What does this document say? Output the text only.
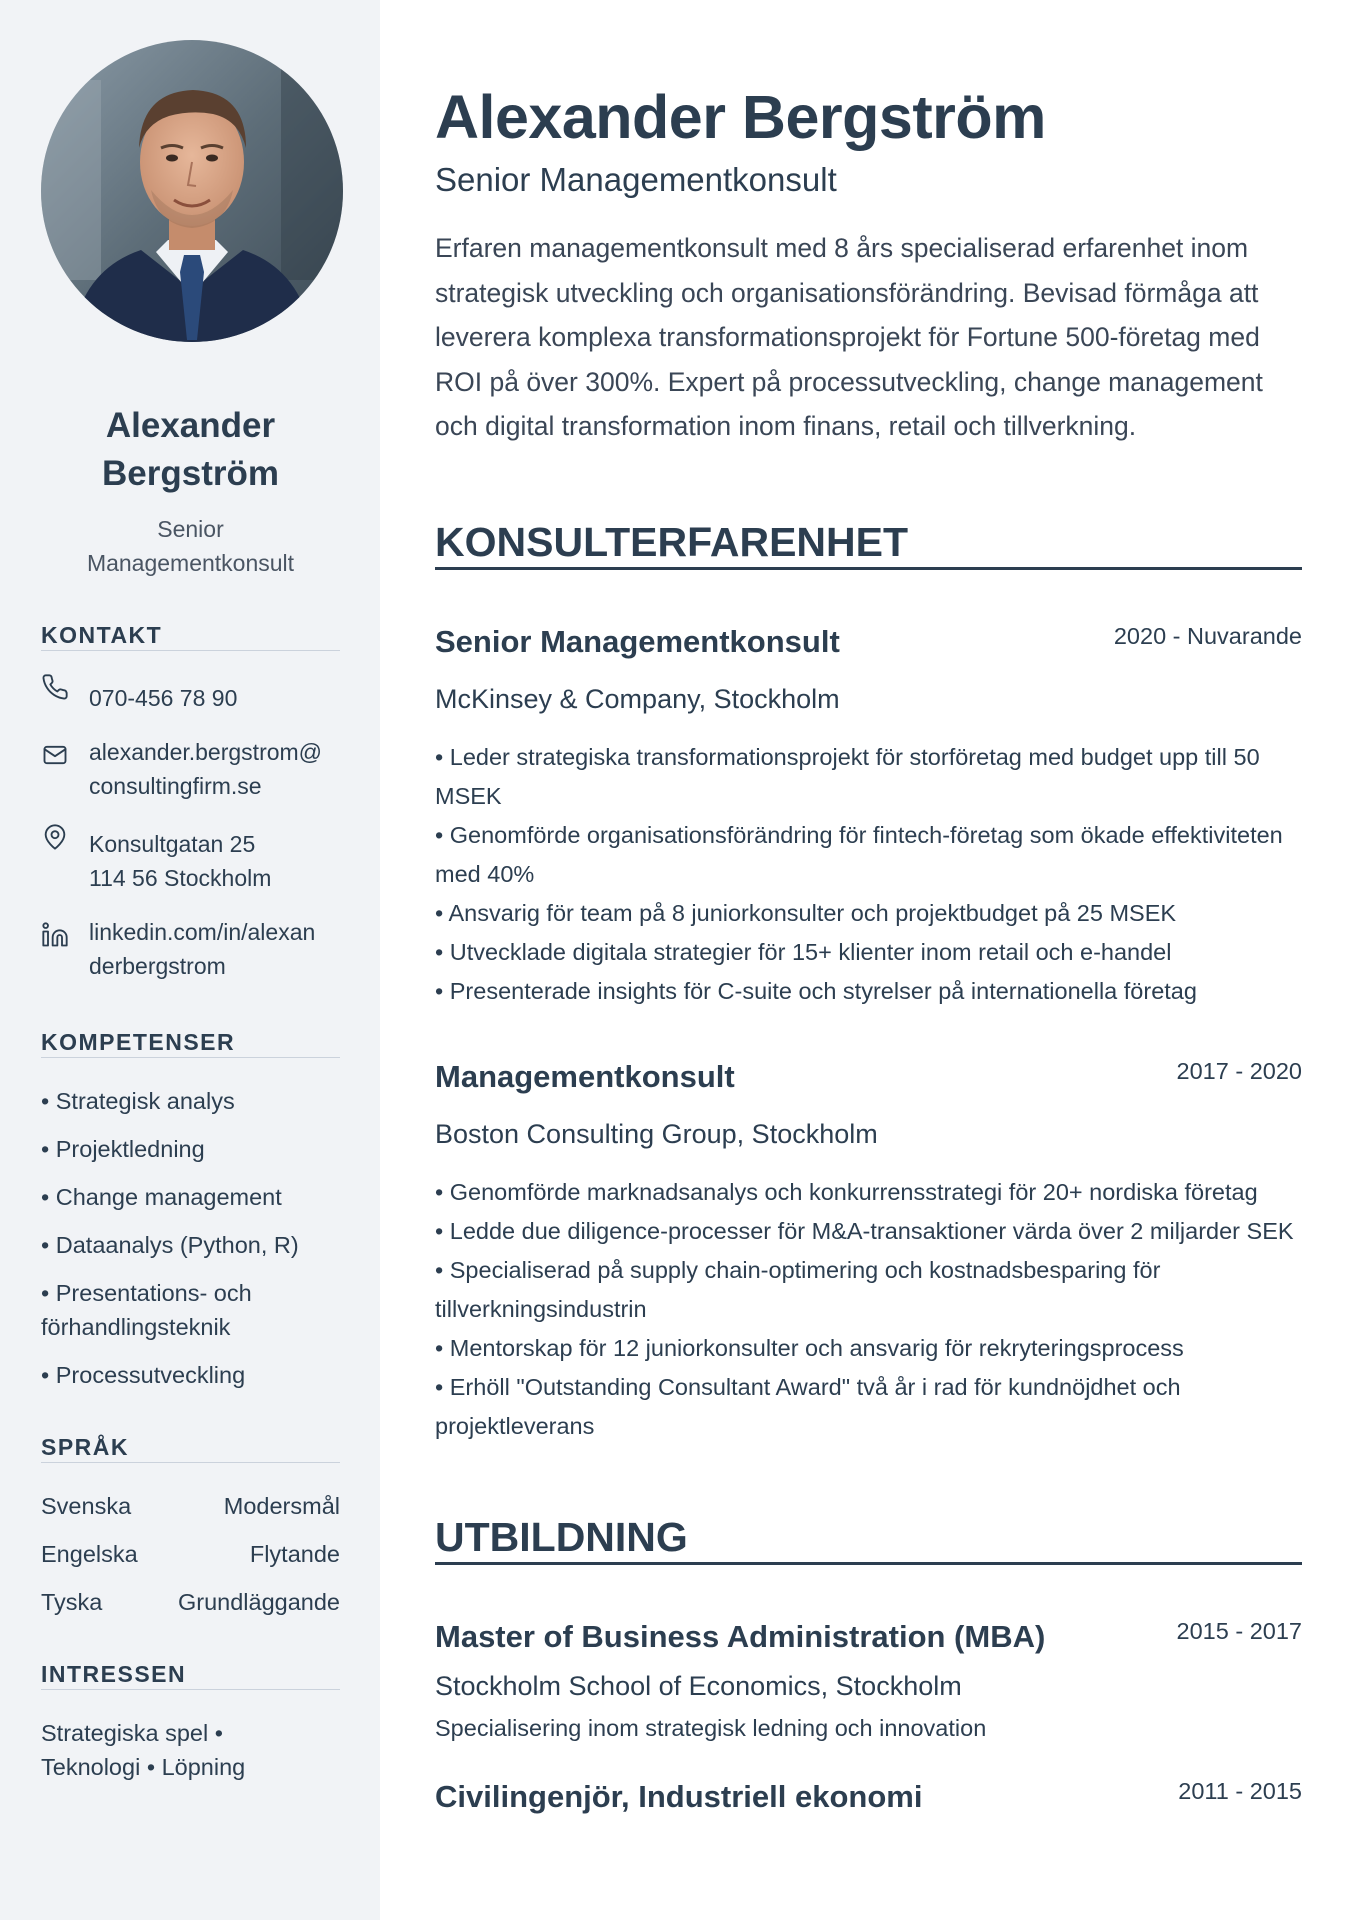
Alexander
Bergström
Senior
Managementkonsult
KONTAKT
070-456 78 90
alexander.bergstrom@
consultingfirm.se
Konsultgatan 25
114 56 Stockholm
linkedin.com/in/alexan
derbergstrom
KOMPETENSER
• Strategisk analys
• Projektledning
• Change management
• Dataanalys (Python, R)
• Presentations- och förhandlingsteknik
• Processutveckling
SPRÅK
Svenska	Modersmål
Engelska	Flytande
Tyska	Grundläggande
INTRESSEN
Strategiska spel •
Teknologi • Löpning
Alexander Bergström
Senior Managementkonsult

Erfaren managementkonsult med 8 års specialiserad erfarenhet inom strategisk utveckling och organisationsförändring. Bevisad förmåga att leverera komplexa transformationsprojekt för Fortune 500-företag med ROI på över 300%. Expert på processutveckling, change management och digital transformation inom finans, retail och tillverkning.

KONSULTERFARENHET
Senior Managementkonsult	2020 - Nuvarande
McKinsey & Company, Stockholm
• Leder strategiska transformationsprojekt för storföretag med budget upp till 50 MSEK
• Genomförde organisationsförändring för fintech-företag som ökade effektiviteten med 40%
• Ansvarig för team på 8 juniorkonsulter och projektbudget på 25 MSEK
• Utvecklade digitala strategier för 15+ klienter inom retail och e-handel
• Presenterade insights för C-suite och styrelser på internationella företag
Managementkonsult	2017 - 2020
Boston Consulting Group, Stockholm
• Genomförde marknadsanalys och konkurrensstrategi för 20+ nordiska företag
• Ledde due diligence-processer för M&A-transaktioner värda över 2 miljarder SEK
• Specialiserad på supply chain-optimering och kostnadsbesparing för tillverkningsindustrin
• Mentorskap för 12 juniorkonsulter och ansvarig för rekryteringsprocess
• Erhöll "Outstanding Consultant Award" två år i rad för kundnöjdhet och projektleverans
UTBILDNING
Master of Business Administration (MBA)	2015 - 2017
Stockholm School of Economics, Stockholm
Specialisering inom strategisk ledning och innovation
Civilingenjör, Industriell ekonomi	2011 - 2015
